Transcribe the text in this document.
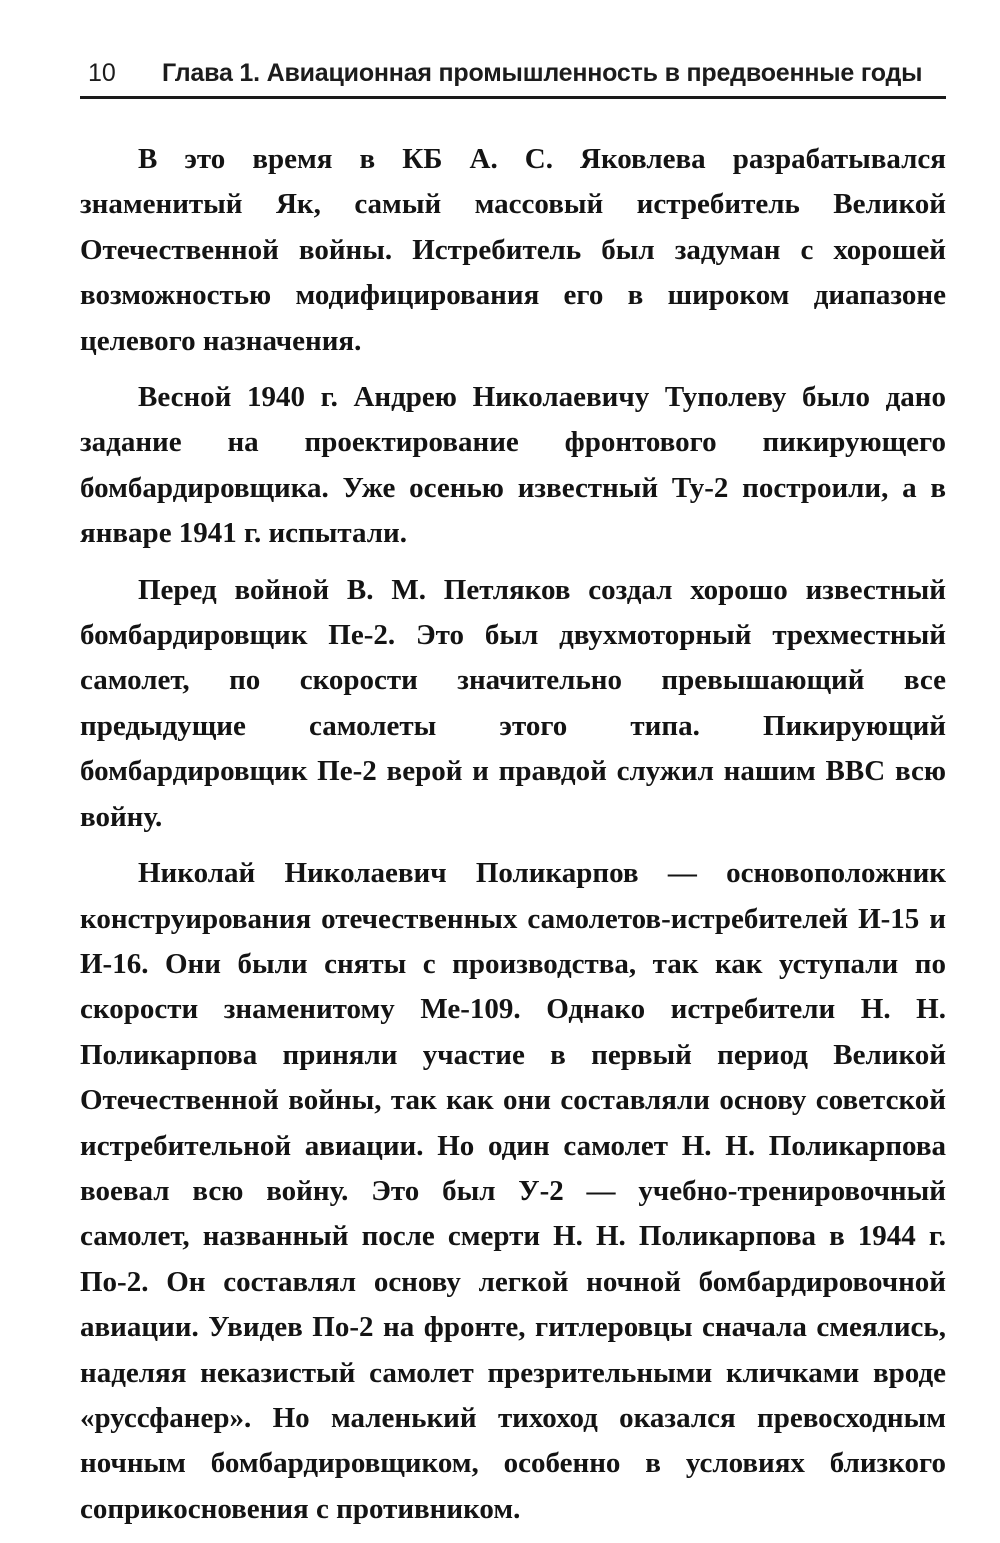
10 Глава 1. Авиационная промышленность в предвоенные годы

В это время в КБ А. С. Яковлева разрабатывался знаменитый Як, самый массовый истребитель Великой Отечественной войны. Истребитель был задуман с хорошей возможностью модифицирования его в широком диапазоне целевого назначения.

Весной 1940 г. Андрею Николаевичу Туполеву было дано задание на проектирование фронтового пикирующего бомбардировщика. Уже осенью известный Ту-2 построили, а в январе 1941 г. испытали.

Перед войной В. М. Петляков создал хорошо известный бомбардировщик Пе-2. Это был двухмоторный трехместный самолет, по скорости значительно превышающий все предыдущие самолеты этого типа. Пикирующий бомбардировщик Пе-2 верой и правдой служил нашим ВВС всю войну.

Николай Николаевич Поликарпов — основоположник конструирования отечественных самолетов-истребителей И-15 и И-16. Они были сняты с производства, так как уступали по скорости знаменитому Ме-109. Однако истребители Н. Н. Поликарпова приняли участие в первый период Великой Отечественной войны, так как они составляли основу советской истребительной авиации. Но один самолет Н. Н. Поликарпова воевал всю войну. Это был У-2 — учебно-тренировочный самолет, названный после смерти Н. Н. Поликарпова в 1944 г. По-2. Он составлял основу легкой ночной бомбардировочной авиации. Увидев По-2 на фронте, гитлеровцы сначала смеялись, наделяя неказистый самолет презрительными кличками вроде «руссфанер». Но маленький тихоход оказался превосходным ночным бомбардировщиком, особенно в условиях близкого соприкосновения с противником.
